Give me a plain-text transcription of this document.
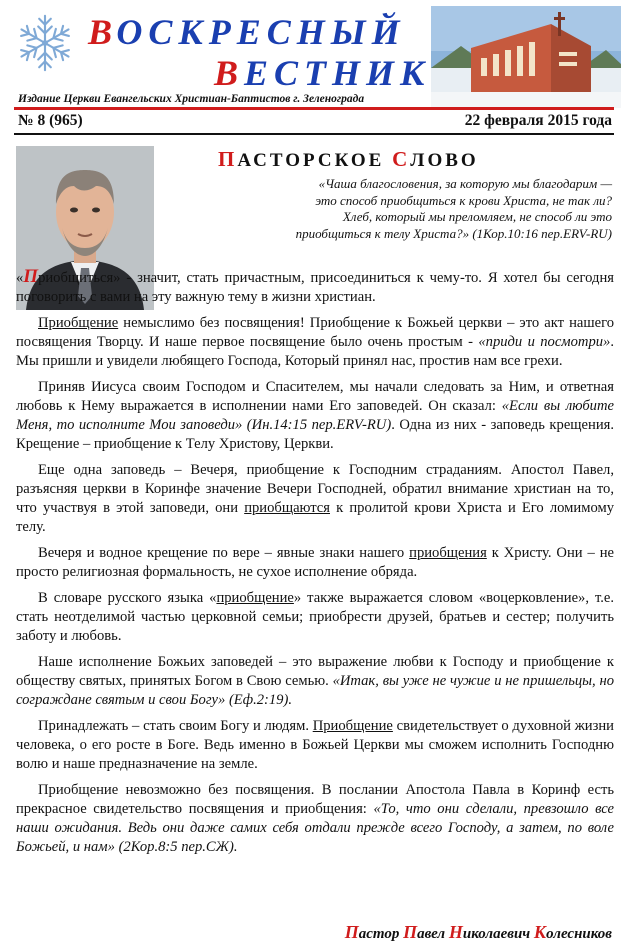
ВОСКРЕСНЫЙ
ВЕСТНИК
Издание Церкви Евангельских Христиан-Баптистов г. Зеленограда
№ 8 (965)	22 февраля 2015 года
ПАСТОРСКОЕ СЛОВО
«Чаша благословения, за которую мы благодарим —
это способ приобщиться к крови Христа, не так ли?
Хлеб, который мы преломляем, не способ ли это
приобщиться к телу Христа?» (1Кор.10:16 пер.ERV-RU)

«Приобщиться» - значит, стать причастным, присоединиться к чему-то. Я хотел бы сегодня поговорить с вами на эту важную тему в жизни христиан.

Приобщение немыслимо без посвящения! Приобщение к Божьей церкви – это акт нашего посвящения Творцу. И наше первое посвящение было очень простым - «приди и посмотри». Мы пришли и увидели любящего Господа, Который принял нас, простив нам все грехи.

Приняв Иисуса своим Господом и Спасителем, мы начали следовать за Ним, и ответная любовь к Нему выражается в исполнении нами Его заповедей. Он сказал: «Если вы любите Меня, то исполните Мои заповеди» (Ин.14:15 пер.ERV-RU). Одна из них - заповедь крещения. Крещение – приобщение к Телу Христову, Церкви.

Еще одна заповедь – Вечеря, приобщение к Господним страданиям. Апостол Павел, разъясняя церкви в Коринфе значение Вечери Господней, обратил внимание христиан на то, что участвуя в этой заповеди, они приобщаются к пролитой крови Христа и Его ломимому телу.

Вечеря и водное крещение по вере – явные знаки нашего приобщения к Христу. Они – не просто религиозная формальность, не сухое исполнение обряда.

В словаре русского языка «приобщение» также выражается словом «воцерковление», т.е. стать неотделимой частью церковной семьи; приобрести друзей, братьев и сестер; получить заботу и любовь.

Наше исполнение Божьих заповедей – это выражение любви к Господу и приобщение к обществу святых, принятых Богом в Свою семью. «Итак, вы уже не чужие и не пришельцы, но сограждане святым и свои Богу» (Еф.2:19).

Принадлежать – стать своим Богу и людям. Приобщение свидетельствует о духовной жизни человека, о его росте в Боге. Ведь именно в Божьей Церкви мы сможем исполнить Господню волю и наше предназначение на земле.

Приобщение невозможно без посвящения. В послании Апостола Павла в Коринф есть прекрасное свидетельство посвящения и приобщения: «То, что они сделали, превзошло все наши ожидания. Ведь они даже самих себя отдали прежде всего Господу, а затем, по воле Божьей, и нам» (2Кор.8:5 пер.СЖ).

Пастор Павел Николаевич Колесников
